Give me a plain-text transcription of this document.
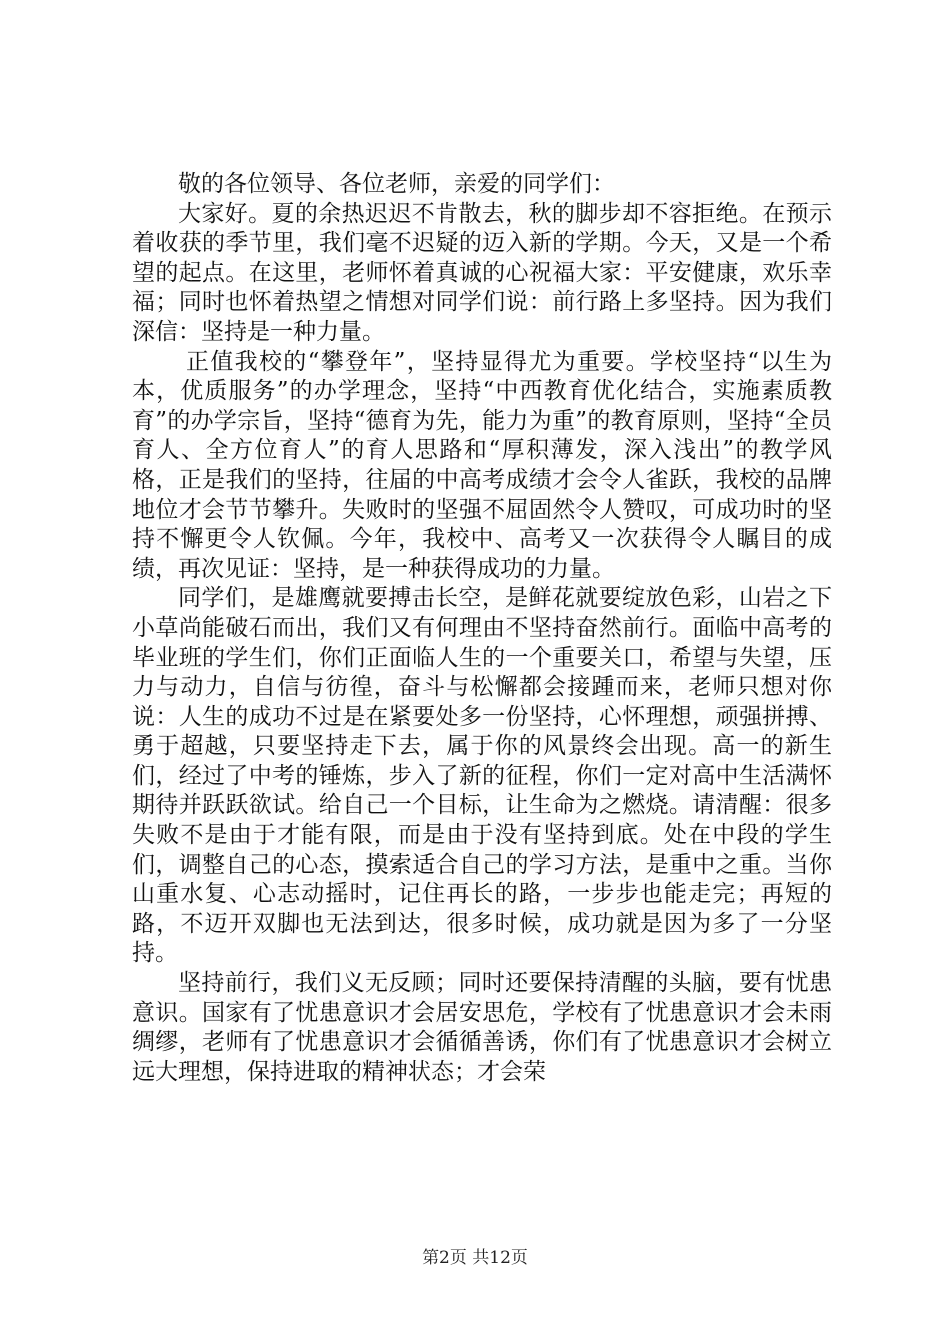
敬的各位领导、各位老师，亲爱的同学们：

大家好。夏的余热迟迟不肯散去，秋的脚步却不容拒绝。在预示着收获的季节里，我们毫不迟疑的迈入新的学期。今天，又是一个希望的起点。在这里，老师怀着真诚的心祝福大家：平安健康，欢乐幸福；同时也怀着热望之情想对同学们说：前行路上多坚持。因为我们深信：坚持是一种力量。

正值我校的“攀登年”，坚持显得尤为重要。学校坚持“以生为本，优质服务”的办学理念，坚持“中西教育优化结合，实施素质教育”的办学宗旨，坚持“德育为先，能力为重”的教育原则，坚持“全员育人、全方位育人”的育人思路和“厚积薄发，深入浅出”的教学风格，正是我们的坚持，往届的中高考成绩才会令人雀跃，我校的品牌地位才会节节攀升。失败时的坚强不屈固然令人赞叹，可成功时的坚持不懈更令人钦佩。今年，我校中、高考又一次获得令人瞩目的成绩，再次见证：坚持，是一种获得成功的力量。

同学们，是雄鹰就要搏击长空，是鲜花就要绽放色彩，山岩之下小草尚能破石而出，我们又有何理由不坚持奋然前行。面临中高考的毕业班的学生们，你们正面临人生的一个重要关口，希望与失望，压力与动力，自信与彷徨，奋斗与松懈都会接踵而来，老师只想对你说：人生的成功不过是在紧要处多一份坚持，心怀理想，顽强拼搏、勇于超越，只要坚持走下去，属于你的风景终会出现。高一的新生们，经过了中考的锤炼，步入了新的征程，你们一定对高中生活满怀期待并跃跃欲试。给自己一个目标，让生命为之燃烧。请清醒：很多失败不是由于才能有限，而是由于没有坚持到底。处在中段的学生们，调整自己的心态，摸索适合自己的学习方法，是重中之重。当你山重水复、心志动摇时，记住再长的路，一步步也能走完；再短的路，不迈开双脚也无法到达，很多时候，成功就是因为多了一分坚持。

坚持前行，我们义无反顾；同时还要保持清醒的头脑，要有忧患意识。国家有了忧患意识才会居安思危，学校有了忧患意识才会未雨绸缪，老师有了忧患意识才会循循善诱，你们有了忧患意识才会树立远大理想，保持进取的精神状态；才会荣

第2页 共12页
